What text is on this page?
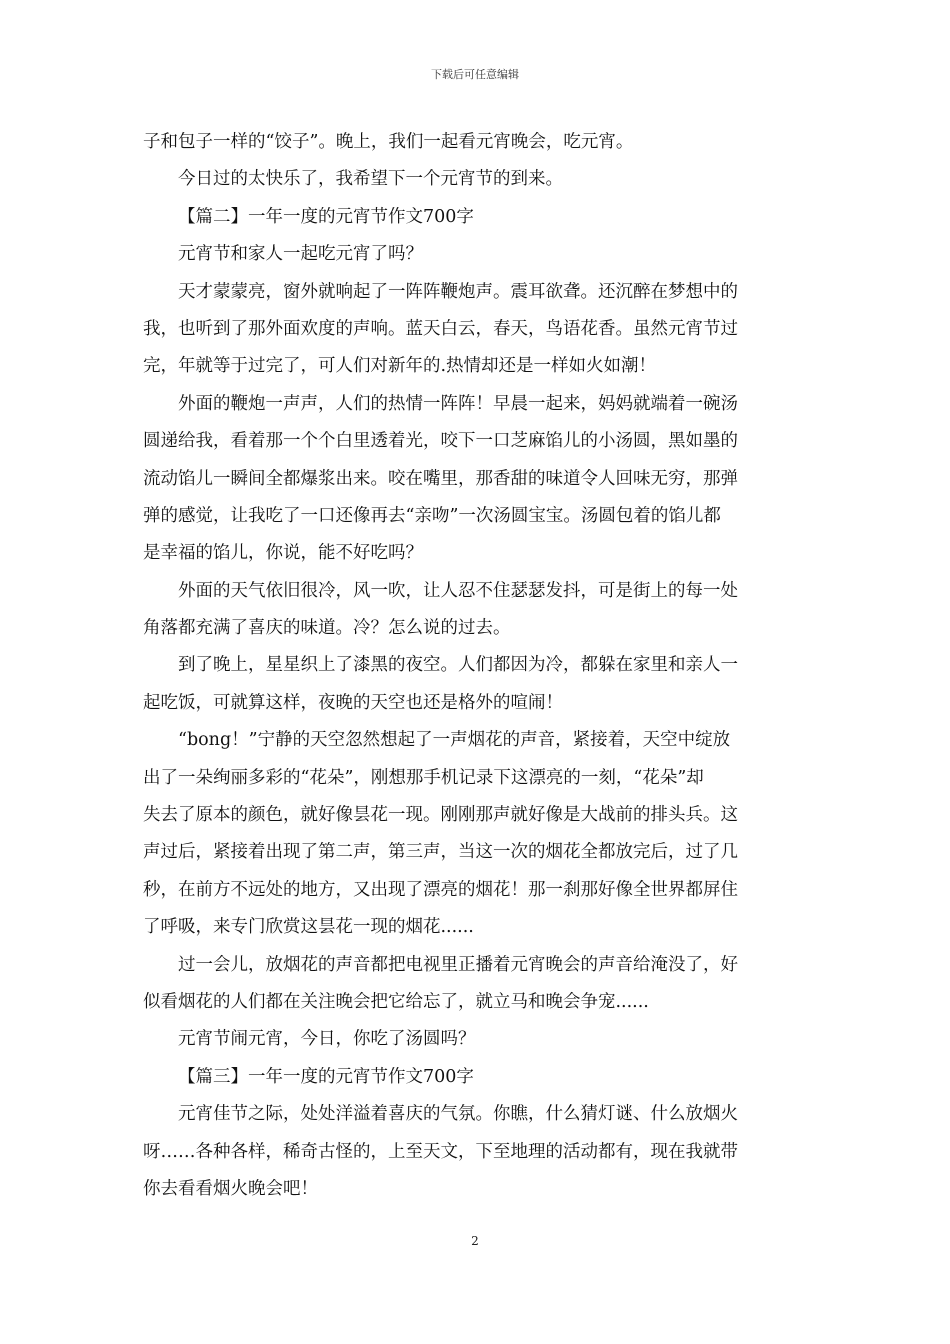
下载后可任意编辑
子和包子一样的“饺子”。晚上，我们一起看元宵晚会，吃元宵。
今日过的太快乐了，我希望下一个元宵节的到来。
【篇二】一年一度的元宵节作文700字
元宵节和家人一起吃元宵了吗？
天才蒙蒙亮，窗外就响起了一阵阵鞭炮声。震耳欲聋。还沉醉在梦想中的
我，也听到了那外面欢度的声响。蓝天白云，春天，鸟语花香。虽然元宵节过
完，年就等于过完了，可人们对新年的.热情却还是一样如火如潮！
外面的鞭炮一声声，人们的热情一阵阵！早晨一起来，妈妈就端着一碗汤
圆递给我，看着那一个个白里透着光，咬下一口芝麻馅儿的小汤圆，黑如墨的
流动馅儿一瞬间全都爆浆出来。咬在嘴里，那香甜的味道令人回味无穷，那弹
弹的感觉，让我吃了一口还像再去“亲吻”一次汤圆宝宝。汤圆包着的馅儿都
是幸福的馅儿，你说，能不好吃吗？
外面的天气依旧很冷，风一吹，让人忍不住瑟瑟发抖，可是街上的每一处
角落都充满了喜庆的味道。冷？怎么说的过去。
到了晚上，星星织上了漆黑的夜空。人们都因为冷，都躲在家里和亲人一
起吃饭，可就算这样，夜晚的天空也还是格外的喧闹！
“bong！”宁静的天空忽然想起了一声烟花的声音，紧接着，天空中绽放
出了一朵绚丽多彩的“花朵”，刚想那手机记录下这漂亮的一刻，“花朵”却
失去了原本的颜色，就好像昙花一现。刚刚那声就好像是大战前的排头兵。这
声过后，紧接着出现了第二声，第三声，当这一次的烟花全都放完后，过了几
秒，在前方不远处的地方，又出现了漂亮的烟花！那一刹那好像全世界都屏住
了呼吸，来专门欣赏这昙花一现的烟花......
过一会儿，放烟花的声音都把电视里正播着元宵晚会的声音给淹没了，好
似看烟花的人们都在关注晚会把它给忘了，就立马和晚会争宠......
元宵节闹元宵，今日，你吃了汤圆吗？
【篇三】一年一度的元宵节作文700字
元宵佳节之际，处处洋溢着喜庆的气氛。你瞧，什么猜灯谜、什么放烟火
呀……各种各样，稀奇古怪的，上至天文，下至地理的活动都有，现在我就带
你去看看烟火晚会吧！
2
